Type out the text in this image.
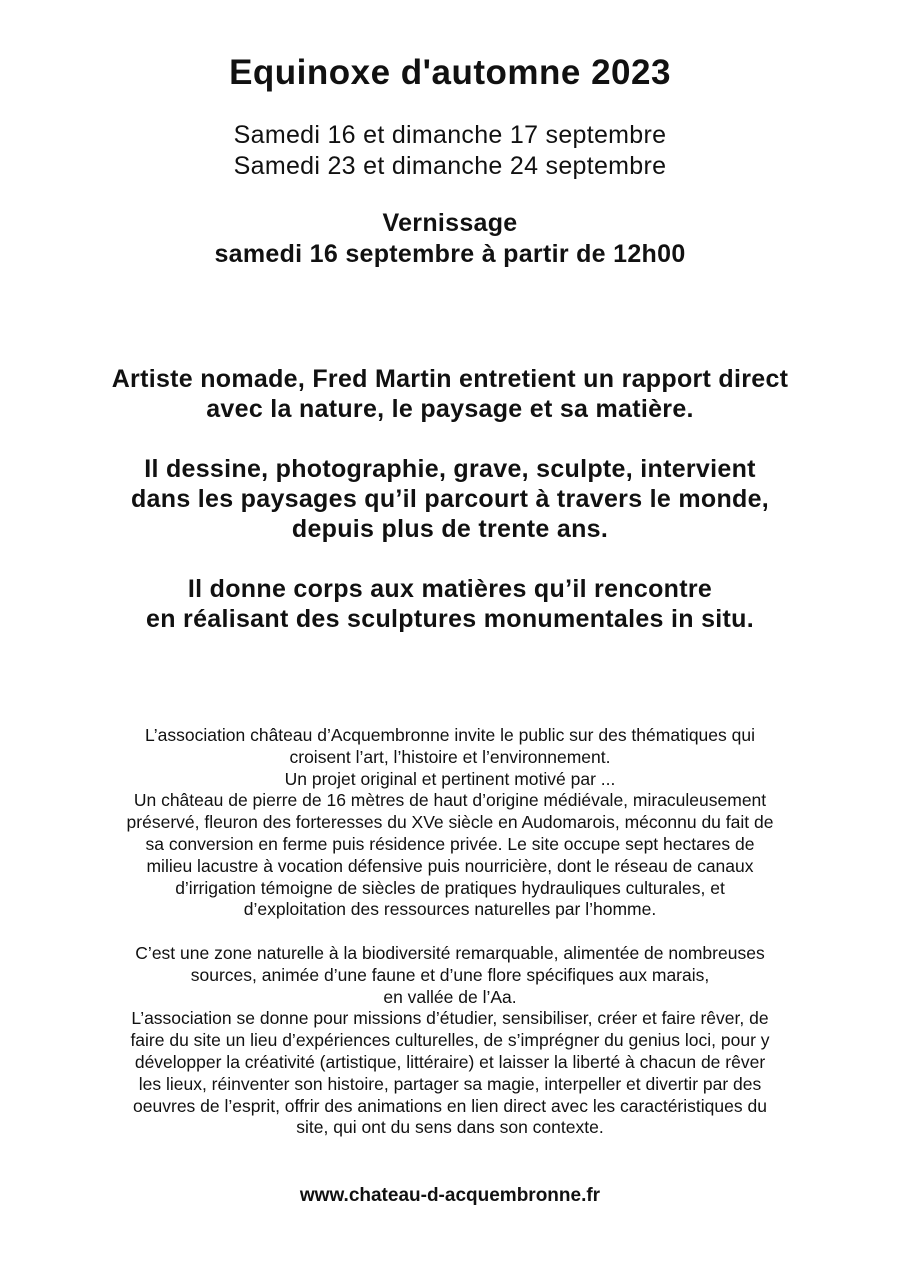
Equinoxe d'automne 2023
Samedi 16 et dimanche 17 septembre
Samedi 23 et dimanche 24 septembre
Vernissage
samedi 16 septembre à partir de 12h00

Artiste nomade, Fred Martin entretient un rapport direct
avec la nature, le paysage et sa matière.

Il dessine, photographie, grave, sculpte, intervient
dans les paysages qu’il parcourt à travers le monde,
depuis plus de trente ans.

Il donne corps aux matières qu’il rencontre
en réalisant des sculptures monumentales in situ.

L’association château d’Acquembronne invite le public sur des thématiques qui
croisent l’art, l’histoire et l’environnement.
Un projet original et pertinent motivé par ...
Un château de pierre de 16 mètres de haut d’origine médiévale, miraculeusement
préservé, fleuron des forteresses du XVe siècle en Audomarois, méconnu du fait de
sa conversion en ferme puis résidence privée. Le site occupe sept hectares de
milieu lacustre à vocation défensive puis nourricière, dont le réseau de canaux
d’irrigation témoigne de siècles de pratiques hydrauliques culturales, et
d’exploitation des ressources naturelles par l’homme.

C’est une zone naturelle à la biodiversité remarquable, alimentée de nombreuses
sources, animée d’une faune et d’une flore spécifiques aux marais,
en vallée de l’Aa.
L’association se donne pour missions d’étudier, sensibiliser, créer et faire rêver, de
faire du site un lieu d’expériences culturelles, de s’imprégner du genius loci, pour y
développer la créativité (artistique, littéraire) et laisser la liberté à chacun de rêver
les lieux, réinventer son histoire, partager sa magie, interpeller et divertir par des
oeuvres de l’esprit, offrir des animations en lien direct avec les caractéristiques du
site, qui ont du sens dans son contexte.

www.chateau-d-acquembronne.fr
